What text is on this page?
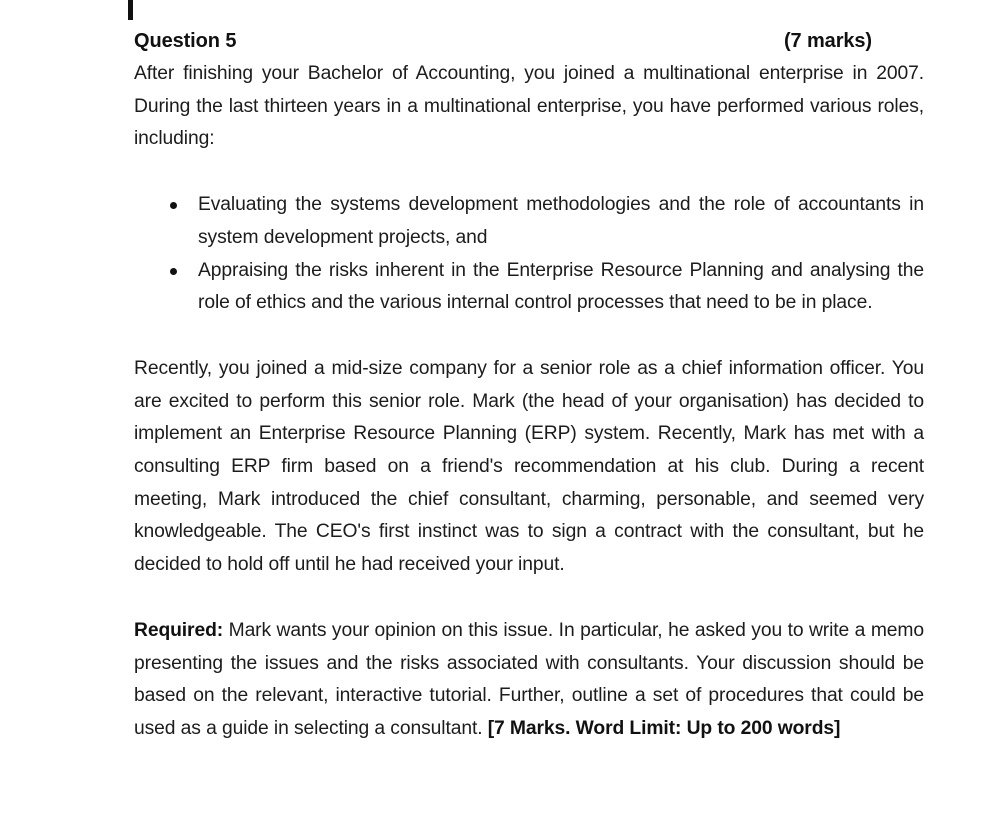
Question 5	(7 marks)

After finishing your Bachelor of Accounting, you joined a multinational enterprise in 2007. During the last thirteen years in a multinational enterprise, you have performed various roles, including:

Evaluating the systems development methodologies and the role of accountants in system development projects, and
Appraising the risks inherent in the Enterprise Resource Planning and analysing the role of ethics and the various internal control processes that need to be in place.

Recently, you joined a mid-size company for a senior role as a chief information officer. You are excited to perform this senior role. Mark (the head of your organisation) has decided to implement an Enterprise Resource Planning (ERP) system. Recently, Mark has met with a consulting ERP firm based on a friend's recommendation at his club. During a recent meeting, Mark introduced the chief consultant, charming, personable, and seemed very knowledgeable. The CEO's first instinct was to sign a contract with the consultant, but he decided to hold off until he had received your input.

Required: Mark wants your opinion on this issue. In particular, he asked you to write a memo presenting the issues and the risks associated with consultants. Your discussion should be based on the relevant, interactive tutorial. Further, outline a set of procedures that could be used as a guide in selecting a consultant. [7 Marks. Word Limit: Up to 200 words]
